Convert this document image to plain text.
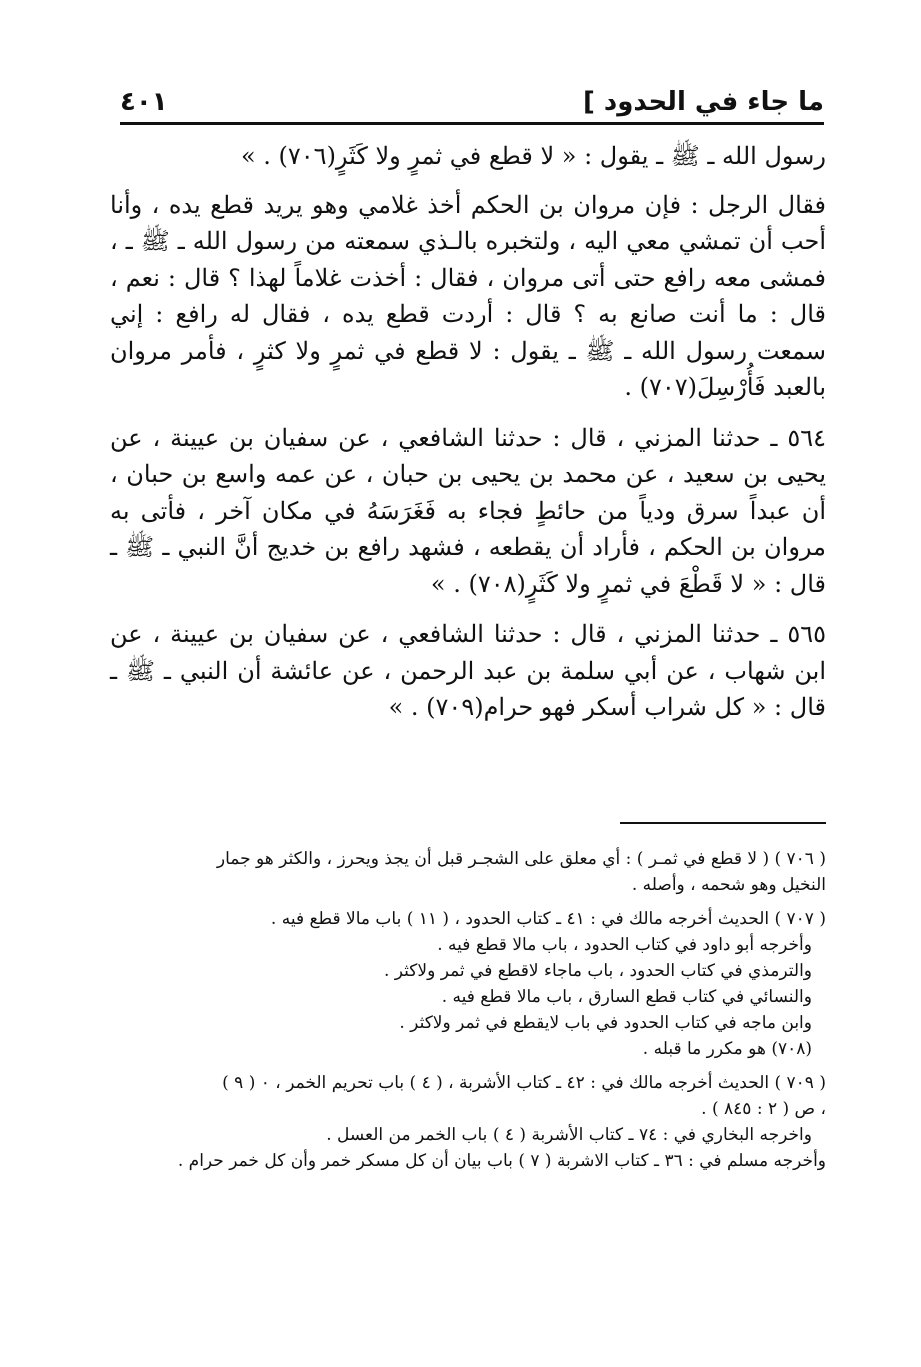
ما جاء في الحدود ]
٤٠١

رسول الله ـ ﷺ ـ يقول : « لا قطع في ثمرٍ ولا كَثَرٍ(٧٠٦) . »

فقال الرجل : فإن مروان بن الحكم أخذ غلامي وهو يريد قطع يده ، وأنا أحب أن تمشي معي اليه ، ولتخبره بالـذي سمعته من رسول الله ـ ﷺ ـ ، فمشى معه رافع حتى أتى مروان ، فقال : أخذت غلاماً لهذا ؟ قال : نعم ، قال : ما أنت صانع به ؟ قال : أردت قطع يده ، فقال له رافع : إني سمعت رسول الله ـ ﷺ ـ يقول : لا قطع في ثمرٍ ولا كثرٍ ، فأمر مروان بالعبد فَأُرْسِلَ(٧٠٧) .

٥٦٤ ـ حدثنا المزني ، قال : حدثنا الشافعي ، عن سفيان بن عيينة ، عن يحيى بن سعيد ، عن محمد بن يحيى بن حبان ، عن عمه واسع بن حبان ، أن عبداً سرق ودياً من حائطٍ فجاء به فَغَرَسَهُ في مكان آخر ، فأتى به مروان بن الحكم ، فأراد أن يقطعه ، فشهد رافع بن خديج أنَّ النبي ـ ﷺ ـ قال : « لا قَطْعَ في ثمرٍ ولا كَثَرٍ(٧٠٨) . »

٥٦٥ ـ حدثنا المزني ، قال : حدثنا الشافعي ، عن سفيان بن عيينة ، عن ابن شهاب ، عن أبي سلمة بن عبد الرحمن ، عن عائشة أن النبي ـ ﷺ ـ قال : « كل شراب أسكر فهو حرام(٧٠٩) . »

( ٧٠٦ ) ( لا قطع في ثمـر ) : أي معلق على الشجـر قبل أن يجذ ويحرز ، والكثر هو جمار
النخيل وهو شحمه ، وأصله .
( ٧٠٧ ) الحديث أخرجه مالك في : ٤١ ـ كتاب الحدود ، ( ١١ ) باب مالا قطع فيه .
وأخرجه أبو داود في كتاب الحدود ، باب مالا قطع فيه .
والترمذي في كتاب الحدود ، باب ماجاء لاقطع في ثمر ولاكثر .
والنسائي في كتاب قطع السارق ، باب مالا قطع فيه .
وابن ماجه في كتاب الحدود في باب لايقطع في ثمر ولاكثر .
(٧٠٨) هو مكرر ما قبله .
( ٧٠٩ ) الحديث أخرجه مالك في : ٤٢ ـ كتاب الأشربة ، ( ٤ ) باب تحريم الخمر ، ٠ ( ٩ )
، ص ( ٢ : ٨٤٥ ) .
واخرجه البخاري في : ٧٤ ـ كتاب الأشربة ( ٤ ) باب الخمر من العسل .
وأخرجه مسلم في : ٣٦ ـ كتاب الاشربة ( ٧ ) باب بيان أن كل مسكر خمر وأن كل خمر حرام .
